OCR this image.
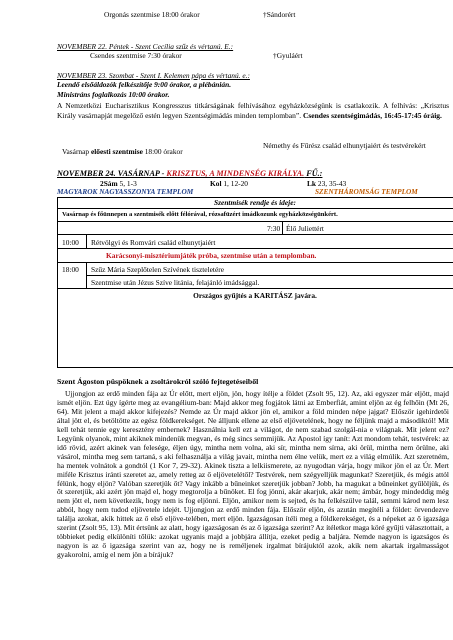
Orgonás szentmise 18:00 órakor	†Sándorért
NOVEMBER 22. Péntek - Szent Cecília szűz és vértanú. E.:
Csendes szentmise 7:30 órakor	†Gyuláért
NOVEMBER 23. Szombat - Szent I. Kelemen pápa és vértanú. e.:
Leendő elsőáldozók felkészítője 9:00 órakor, a plébánián.
Ministráns foglalkozás 10:00 órakor.
A Nemzetközi Eucharisztikus Kongresszus titkárságának felhívásához egyházközségünk is csatlakozik. A felhívás: „Krisztus Király vasárnapját megelőző estén legyen Szentségimádás minden templomban”. Csendes szentségimádás, 16:45-17:45 óráig.
Vasárnap előesti szentmise 18:00 órakor
Némethy és Fűrész család elhunytjaiért és testvérekért
NOVEMBER 24. VASÁRNAP - KRISZTUS, A MINDENSÉG KIRÁLYA. FŰ.:
2Sám 5, 1-3	Kol 1, 12-20	Lk 23, 35-43
MAGYAROK NAGYASSZONYA TEMPLOM	SZENTHÁROMSÁG TEMPLOM
Szentmisék rendje és ideje:
Vasárnap és főünnepen a szentmisék előtt félórával, rózsafüzért imádkozunk egyházközségünkért.
7:30 Élő Juliettért
10:00 Rétvölgyi és Romvári család elhunytjaiért
Karácsonyi-misztériumjáték próba, szentmise után a templomban.
18:00 Szűz Mária Szeplőtelen Szívének tiszteletére
Szentmise után Jézus Szíve litánia, felajánló imádsággal.
Országos gyűjtés a KARITÁSZ javára.
Szent Ágoston püspöknek a zsoltárokról szóló fejtegetéseiből

Ujjongjon az erdő minden fája az Úr előtt, mert eljön, jön, hogy ítélje a földet (Zsolt 95, 12). Az, aki egyszer már eljött, majd ismét eljön. Ezt úgy ígérte meg az evangélium-ban: Majd akkor meg fogjátok látni az Emberfiát, amint eljön az ég felhőin (Mt 26, 64). Mit jelent a majd akkor kifejezés? Nemde az Úr majd akkor jön el, amikor a föld minden népe jajgat? Először igehirdetői által jött el, és betöltötte az egész földkerekséget. Ne álljunk ellene az első eljövetelének, hogy ne féljünk majd a másodiktól! Mit kell tehát tennie egy keresztény embernek? Használnia kell ezt a világot, de nem szabad szolgál-nia e világnak. Mit jelent ez? Legyünk olyanok, mint akiknek mindenük megvan, és még sincs semmijük. Az Apostol így tanít: Azt mondom tehát, testvérek: az idő rövid, azért akinek van felesége, éljen úgy, mintha nem volna, aki sír, mintha nem sírna, aki örül, mintha nem örülne, aki vásárol, mintha meg sem tartaná, s aki felhasználja a világ javait, mintha nem élne velük, mert ez a világ elmúlik. Azt szeretném, ha mentek volnátok a gondtól (1 Kor 7, 29-32). Akinek tiszta a lelkiismerete, az nyugodtan várja, hogy mikor jön el az Úr. Mert miféle Krisztus iránti szeretet az, amely retteg az ő eljövetelétől? Testvérek, nem szégyelljük magunkat? Szeretjük, és mégis attól félünk, hogy eljön? Valóban szeretjük őt? Vagy inkább a bűneinket szeretjük jobban? Jobb, ha magukat a bűneinket gyűlöljük, és őt szeretjük, aki azért jön majd el, hogy megtorolja a bűnöket. El fog jönni, akár akarjuk, akár nem; ámbár, hogy mindeddig még nem jött el, nem következik, hogy nem is fog eljönni. Eljön, amikor nem is sejted, és ha felkészülve talál, semmi károd nem lesz abból, hogy nem tudod eljövetele idejét. Ujjongjon az erdő minden fája. Először eljön, és azután megítéli a földet: örvendezve találja azokat, akik hittek az ő első eljöve-telében, mert eljön. Igazságosan ítéli meg a földkerekséget, és a népeket az ő igazsága szerint (Zsolt 95, 13). Mit értsünk az alatt, hogy igazságosan és az ő igazsága szerint? Az ítéletkor maga köré gyűjti választottait, a többieket pedig elkülöníti tőlük: azokat ugyanis majd a jobbjára állítja, ezeket pedig a baljára. Nemde nagyon is igazságos és nagyon is az ő igazsága szerint van az, hogy ne is reméljenek irgalmat bírájuktól azok, akik nem akartak irgalmasságot gyakorolni, amíg el nem jön a bírájuk?
